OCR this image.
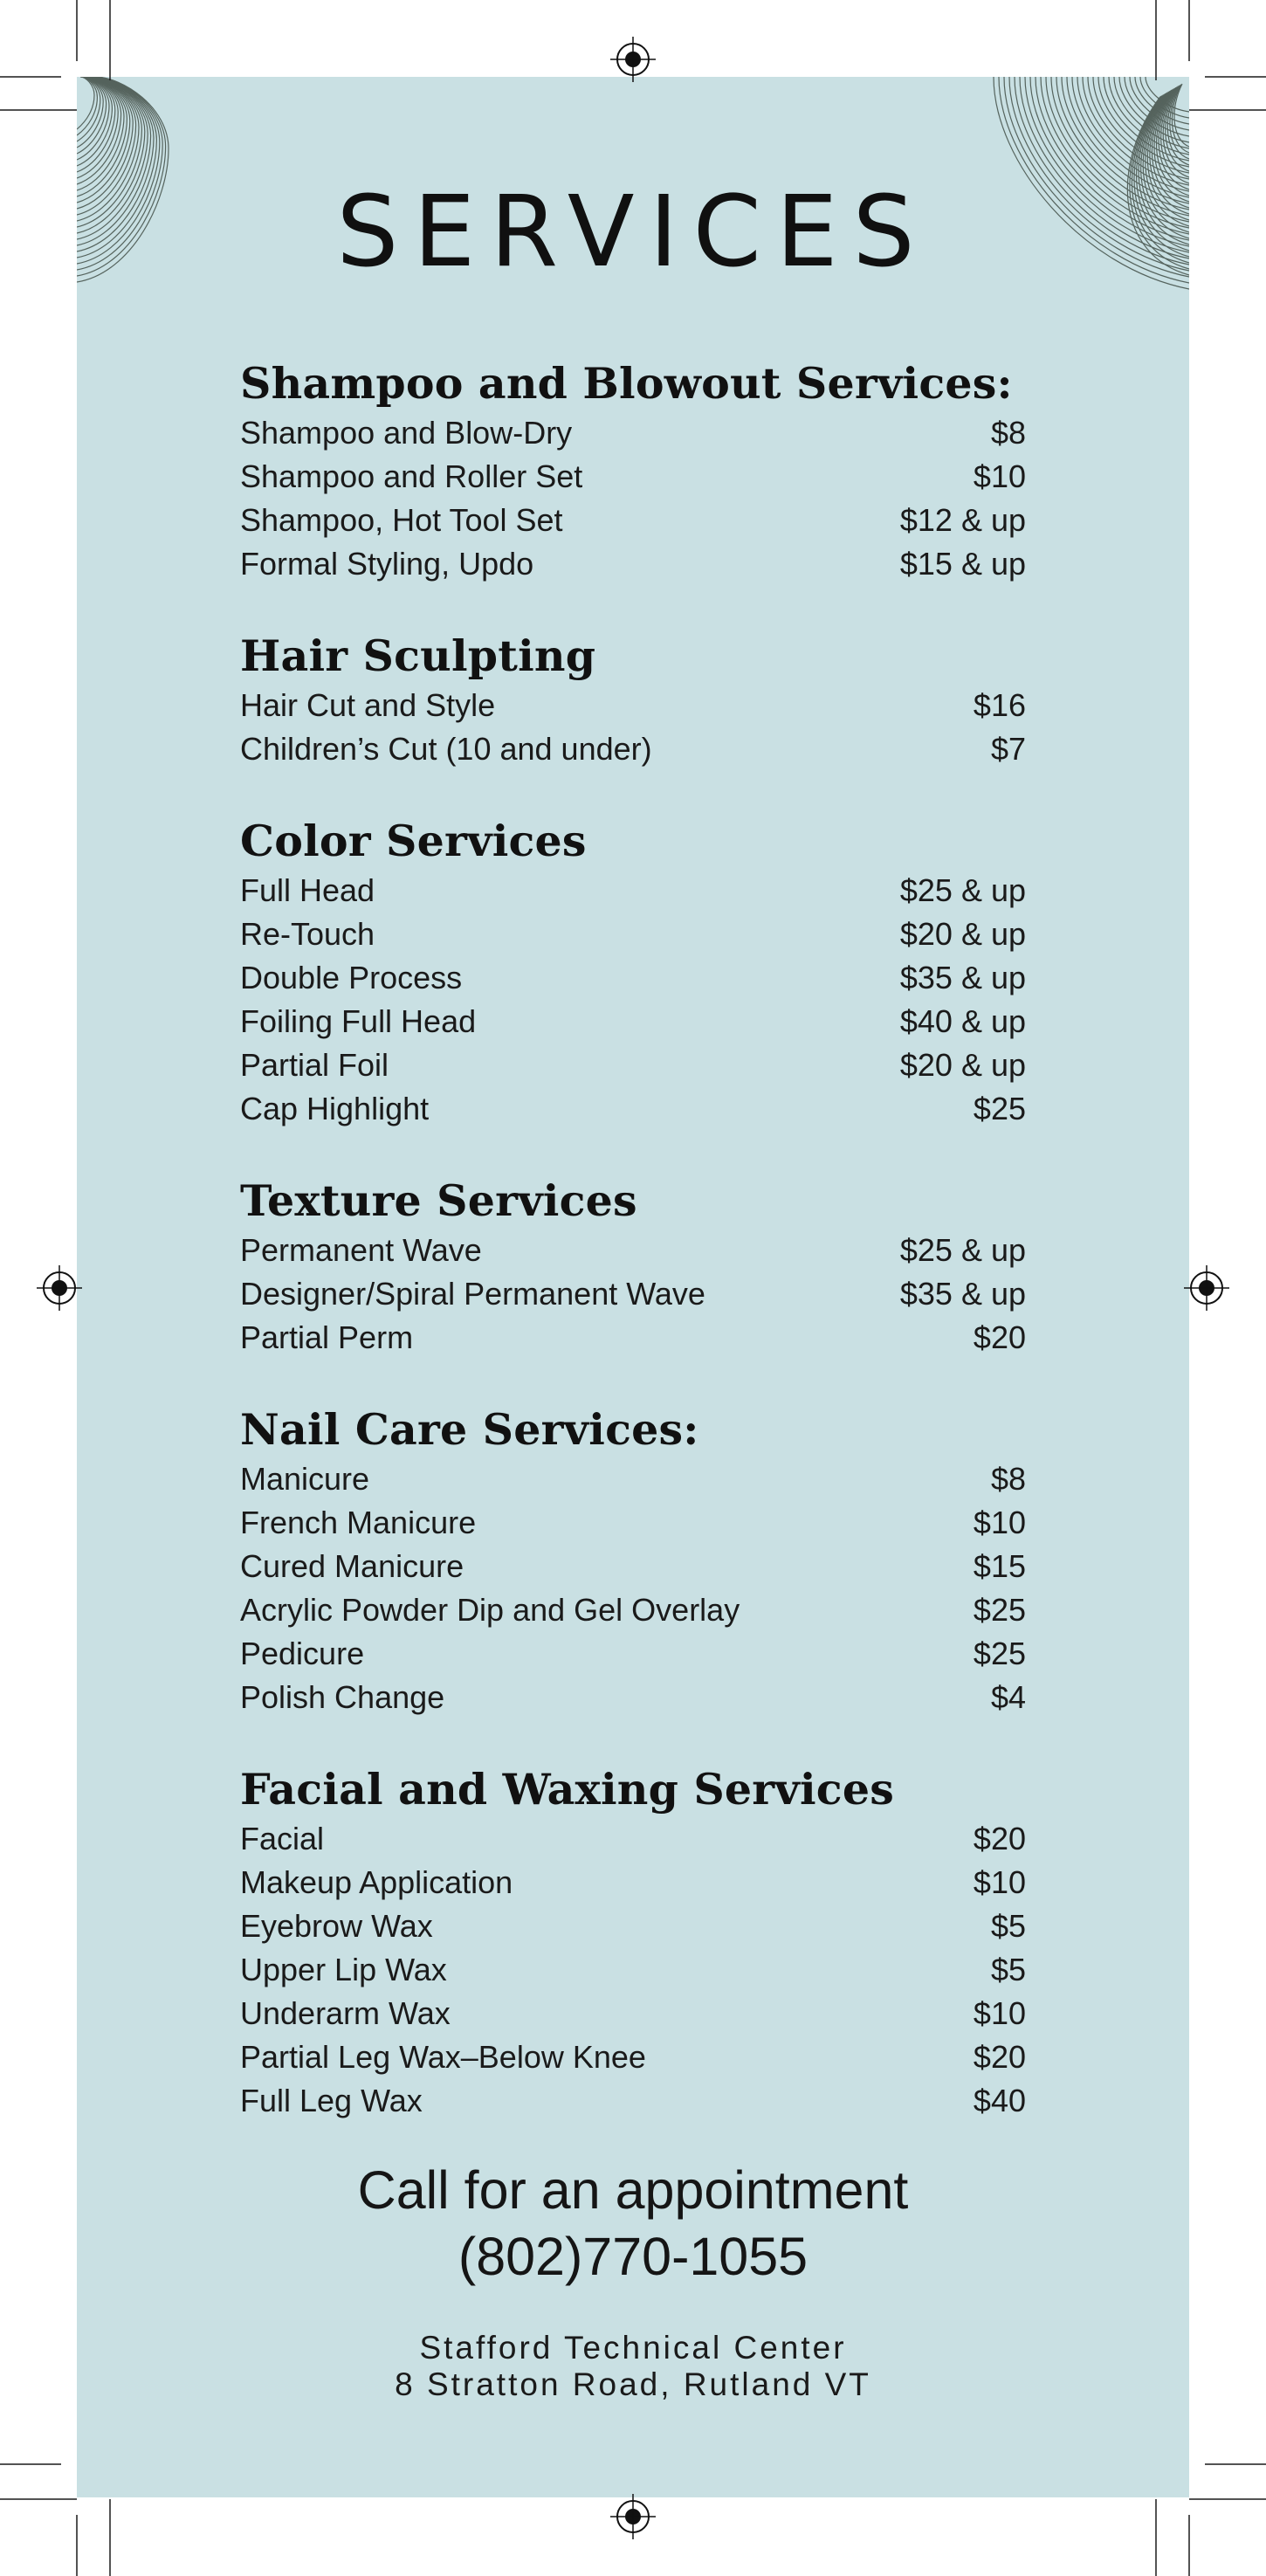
SERVICES
Shampoo and Blowout Services:
Shampoo and Blow-Dry	$8
Shampoo and Roller Set	$10
Shampoo, Hot Tool Set	$12 & up
Formal Styling, Updo	$15 & up
Hair Sculpting
Hair Cut and Style	$16
Children’s Cut (10 and under)	$7
Color Services
Full Head	$25 & up
Re-Touch	$20 & up
Double Process	$35 & up
Foiling Full Head	$40 & up
Partial Foil	$20 & up
Cap Highlight	$25
Texture Services
Permanent Wave	$25 & up
Designer/Spiral Permanent Wave	$35 & up
Partial Perm	$20
Nail Care Services:
Manicure	$8
French Manicure	$10
Cured Manicure	$15
Acrylic Powder Dip and Gel Overlay	$25
Pedicure	$25
Polish Change	$4
Facial and Waxing Services
Facial	$20
Makeup Application	$10
Eyebrow Wax	$5
Upper Lip Wax	$5
Underarm Wax	$10
Partial Leg Wax–Below Knee	$20
Full Leg Wax	$40
Call for an appointment
(802)770-1055
Stafford Technical Center
8 Stratton Road, Rutland VT
